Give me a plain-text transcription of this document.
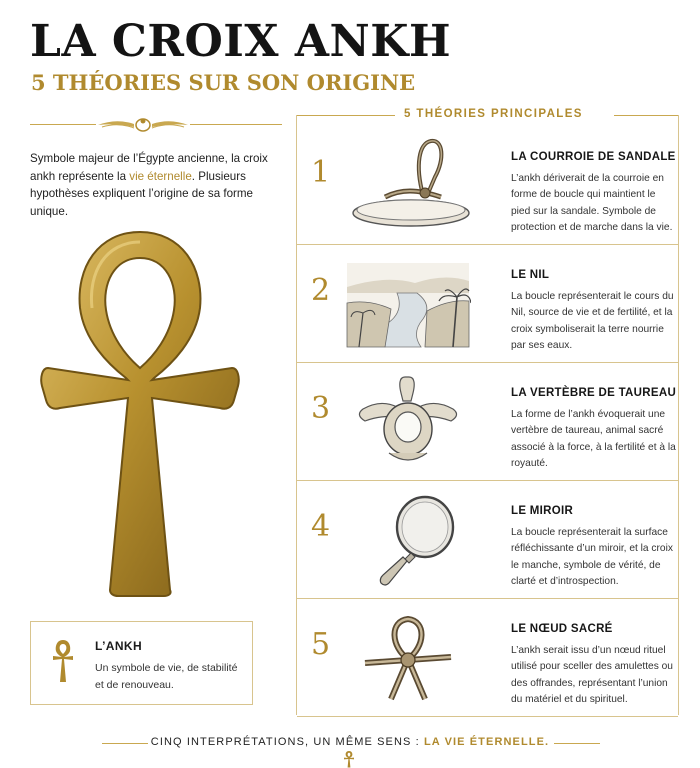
LA CROIX ANKH
5 THÉORIES SUR SON ORIGINE

Symbole majeur de l’Égypte ancienne, la croix ankh représente la vie éternelle. Plusieurs hypothèses expliquent l’origine de sa forme unique.

L’ANKH
Un symbole de vie, de stabilité et de renouveau.
5 THÉORIES PRINCIPALES
1	LA COURROIE DE SANDALE
L’ankh dériverait de la courroie en forme de boucle qui maintient le pied sur la sandale. Symbole de protection et de marche dans la vie.
2	LE NIL
La boucle représenterait le cours du Nil, source de vie et de fertilité, et la croix symboliserait la terre nourrie par ses eaux.
3	LA VERTÈBRE DE TAUREAU
La forme de l’ankh évoquerait une vertèbre de taureau, animal sacré associé à la force, à la fertilité et à la royauté.
4	LE MIROIR
La boucle représenterait la surface réfléchissante d’un miroir, et la croix le manche, symbole de vérité, de clarté et d’introspection.
5	LE NŒUD SACRÉ
L’ankh serait issu d’un nœud rituel utilisé pour sceller des amulettes ou des offrandes, représentant l’union du matériel et du spirituel.
CINQ INTERPRÉTATIONS, UN MÊME SENS : LA VIE ÉTERNELLE.
